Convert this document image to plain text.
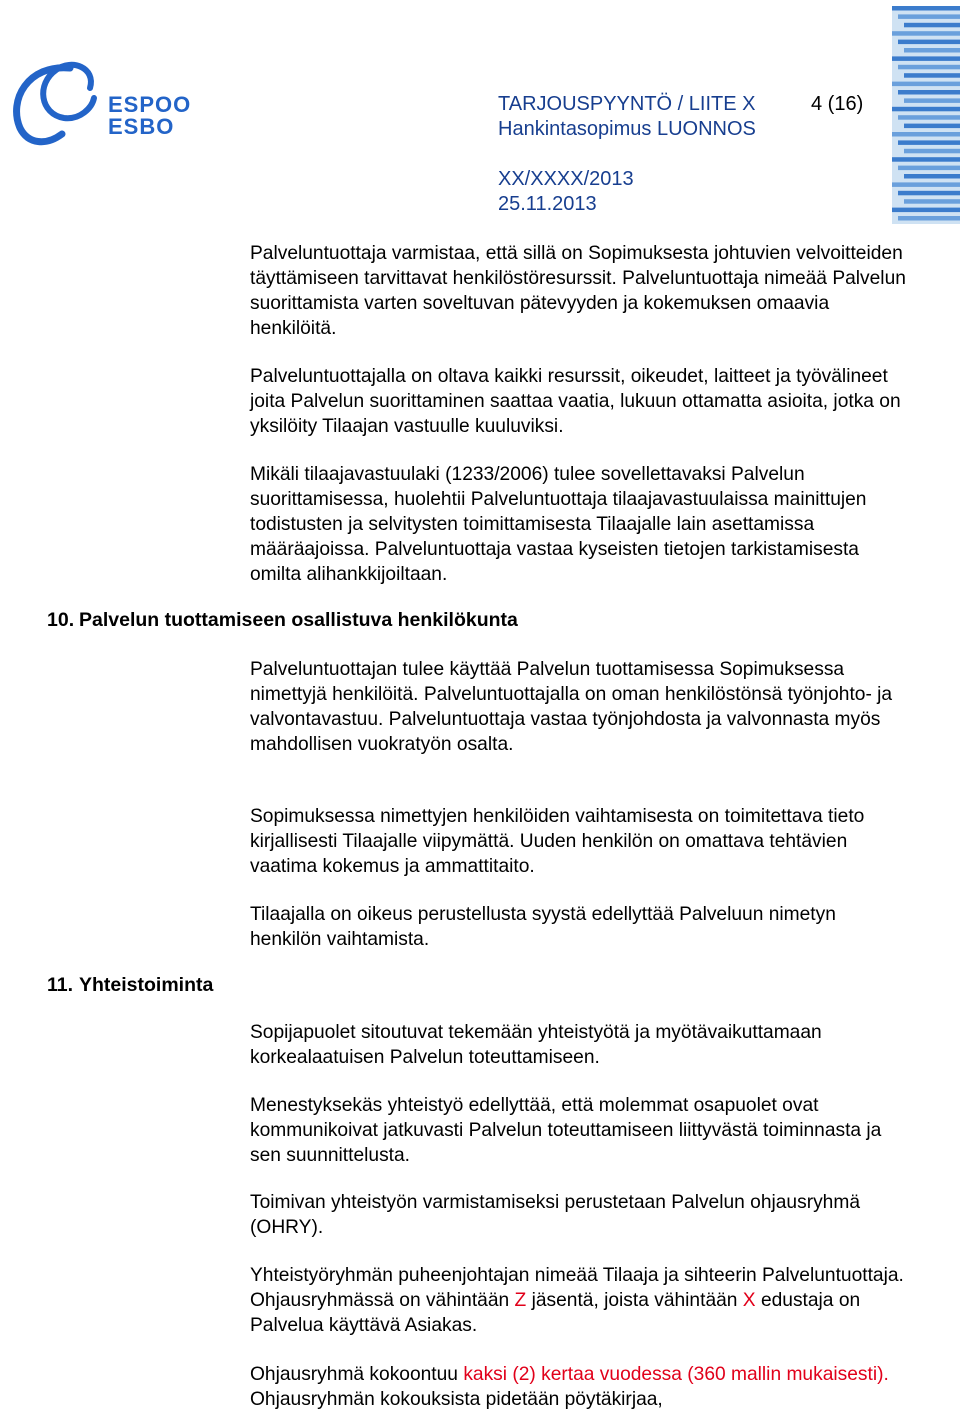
ESPOO
ESBO
TARJOUSPYYNTÖ / LIITE X	4 (16)
Hankintasopimus LUONNOS
XX/XXXX/2013
25.11.2013

Palveluntuottaja varmistaa, että sillä on Sopimuksesta johtuvien velvoitteiden täyttämiseen tarvittavat henkilöstöresurssit. Palveluntuottaja nimeää Palvelun suorittamista varten soveltuvan pätevyyden ja kokemuksen omaavia henkilöitä.

Palveluntuottajalla on oltava kaikki resurssit, oikeudet, laitteet ja työvälineet joita Palvelun suorittaminen saattaa vaatia, lukuun ottamatta asioita, jotka on yksilöity Tilaajan vastuulle kuuluviksi.

Mikäli tilaajavastuulaki (1233/2006) tulee sovellettavaksi Palvelun suorittamisessa, huolehtii Palveluntuottaja tilaajavastuulaissa mainittujen todistusten ja selvitysten toimittamisesta Tilaajalle lain asettamissa määräajoissa. Palveluntuottaja vastaa kyseisten tietojen tarkistamisesta omilta alihankkijoiltaan.

10. Palvelun tuottamiseen osallistuva henkilökunta

Palveluntuottajan tulee käyttää Palvelun tuottamisessa Sopimuksessa nimettyjä henkilöitä. Palveluntuottajalla on oman henkilöstönsä työnjohto- ja valvontavastuu. Palveluntuottaja vastaa työnjohdosta ja valvonnasta myös mahdollisen vuokratyön osalta.

Sopimuksessa nimettyjen henkilöiden vaihtamisesta on toimitettava tieto kirjallisesti Tilaajalle viipymättä. Uuden henkilön on omattava tehtävien vaatima kokemus ja ammattitaito.

Tilaajalla on oikeus perustellusta syystä edellyttää Palveluun nimetyn henkilön vaihtamista.

11. Yhteistoiminta

Sopijapuolet sitoutuvat tekemään yhteistyötä ja myötävaikuttamaan korkealaatuisen Palvelun toteuttamiseen.

Menestyksekäs yhteistyö edellyttää, että molemmat osapuolet ovat kommunikoivat jatkuvasti Palvelun toteuttamiseen liittyvästä toiminnasta ja sen suunnittelusta.

Toimivan yhteistyön varmistamiseksi perustetaan Palvelun ohjausryhmä (OHRY).

Yhteistyöryhmän puheenjohtajan nimeää Tilaaja ja sihteerin Palveluntuottaja. Ohjausryhmässä on vähintään Z jäsentä, joista vähintään X edustaja on Palvelua käyttävä Asiakas.

Ohjausryhmä kokoontuu kaksi (2) kertaa vuodessa (360 mallin mukaisesti). Ohjausryhmän kokouksista pidetään pöytäkirjaa,
